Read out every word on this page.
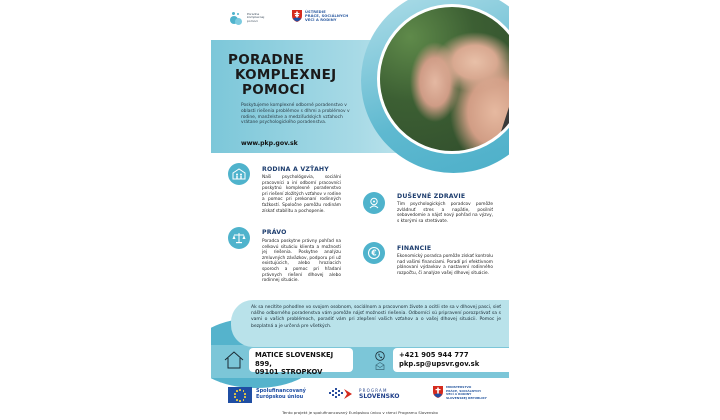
Poradne
komplexnej
pomoci
ÚSTREDIE
PRÁCE, SOCIÁLNYCH
VECÍ A RODINY
PORADNE
KOMPLEXNEJ
POMOCI
Poskytujeme komplexné odborné poradenstvo v oblasti riešenia problémov s dlhmi a problémov v rodine, manželstve a medziľudských vzťahoch vrátane psychologického poradenstva.
www.pkp.gov.sk
RODINA A VZŤAHY
Naši psychológovia, sociálni pracovníci a iní odborní pracovníci poskytnú komplexné poradenstvo pri riešení zložitých vzťahov v rodine a pomoc pri prekonaní rodinných ťažkostí. Spoločne pomôžu rodinám získať stabilitu a pochopenie.
PRÁVO
Poradca poskytne právny pohľad na celkovú situáciu klienta a možnosti jej riešenia. Poskytne analýzu zmluvných záväzkov, podporu pri už existujúcich, alebo hroziacich sporoch a pomoc pri hľadaní právnych riešení dlhovej alebo rodinnej situácie.
DUŠEVNÉ ZDRAVIE
Tím psychologických poradcov pomôže zvládnuť stres a napätie, posilniť sebavedomie a nájsť nový pohľad na výzvy, s ktorými sa stretávate.
€
FINANCIE
Ekonomický poradca pomôže získať kontrolu nad vašimi financiami. Poradí pri efektívnom plánovaní výdavkov a nastavení rodinného rozpočtu, či analýze vašej dlhovej situácie.
Ak sa necítite pohodlne vo svojom osobnom, sociálnom a pracovnom živote a ocitli ste sa v dlhovej pasci, sieť nášho odborného poradenstva vám pomôže nájsť možnosti riešenia. Odborníci sú pripravení porozprávať sa s vami o vašich problémoch, poradiť vám pri zlepšení vašich vzťahov a o vašej dlhovej situácii. Pomoc je bezplatná a je určená pre všetkých.
MATICE SLOVENSKEJ 899,
09101 STROPKOV
+421 905 944 777
pkp.sp@upsvr.gov.sk
Spolufinancovaný
Európskou úniou
PROGRAM
SLOVENSKO
MINISTERSTVO
PRÁCE, SOCIÁLNYCH
VECÍ A RODINY
SLOVENSKEJ REPUBLIKY
Tento projekt je spolufinancovaný Európskou úniou v rámci Programu Slovensko
